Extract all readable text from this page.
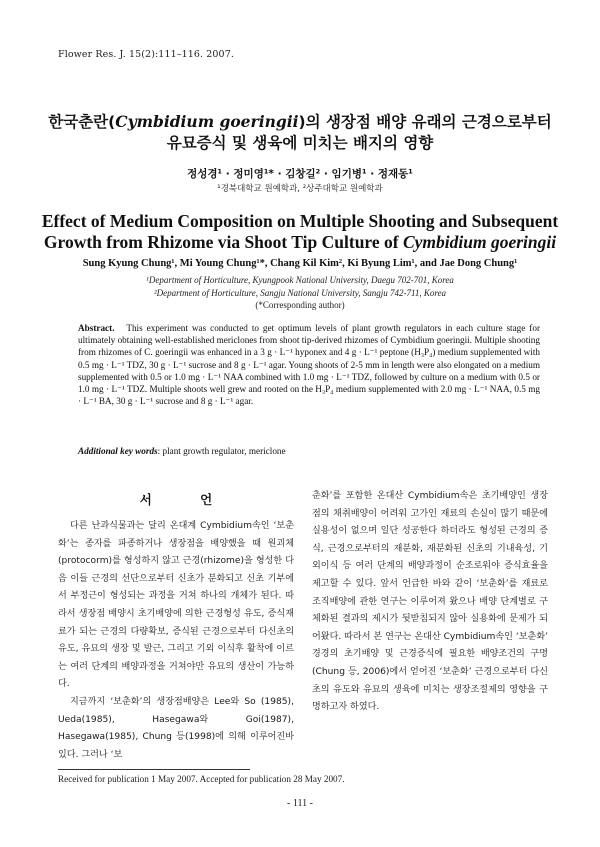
Flower Res. J. 15(2):111–116. 2007.
한국춘란(Cymbidium goeringii)의 생장점 배양 유래의 근경으로부터
유묘증식 및 생육에 미치는 배지의 영향
정성경¹ · 정미영¹* · 김창길² · 임기병¹ · 정재동¹
¹경북대학교 원예학과, ²상주대학교 원예학과
Effect of Medium Composition on Multiple Shooting and Subsequent
Growth from Rhizome via Shoot Tip Culture of Cymbidium goeringii
Sung Kyung Chung¹, Mi Young Chung¹*, Chang Kil Kim², Ki Byung Lim¹, and Jae Dong Chung¹
¹Department of Horticulture, Kyungpook National University, Daegu 702-701, Korea
²Department of Horticulture, Sangju National University, Sangju 742-711, Korea
(*Corresponding author)
Abstract. This experiment was conducted to get optimum levels of plant growth regulators in each culture stage for ultimately obtaining well-established mericlones from shoot tip-derived rhizomes of Cymbidium goeringii. Multiple shooting from rhizomes of C. goeringii was enhanced in a 3 g · L⁻¹ hyponex and 4 g · L⁻¹ peptone (H₃P₄) medium supplemented with 0.5 mg · L⁻¹ TDZ, 30 g · L⁻¹ sucrose and 8 g · L⁻¹ agar. Young shoots of 2-5 mm in length were also elongated on a medium supplemented with 0.5 or 1.0 mg · L⁻¹ NAA combined with 1.0 mg · L⁻¹ TDZ, followed by culture on a medium with 0.5 or 1.0 mg · L⁻¹ TDZ. Multiple shoots well grew and rooted on the H₃P₄ medium supplemented with 2.0 mg · L⁻¹ NAA, 0.5 mg · L⁻¹ BA, 30 g · L⁻¹ sucrose and 8 g · L⁻¹ agar.
Additional key words: plant growth regulator, mericlone
서 언

다른 난과식물과는 달리 온대계 Cymbidium속인 ‘보춘화’는 종자를 파종하거나 생장점을 배양했을 때 원괴체(protocorm)를 형성하지 않고 근경(rhizome)을 형성한 다음 이들 근경의 선단으로부터 신초가 분화되고 신초 기부에서 부정근이 형성되는 과정을 거쳐 하나의 개체가 된다. 따라서 생장점 배양시 초기배양에 의한 근경형성 유도, 증식재료가 되는 근경의 다량확보, 증식된 근경으로부터 다신초의 유도, 유묘의 생장 및 발근, 그리고 기외 이식후 활착에 이르는 여러 단계의 배양과정을 거쳐야만 유묘의 생산이 가능하다.

지금까지 ‘보춘화’의 생장점배양은 Lee와 So (1985), Ueda(1985), Hasegawa와 Goi(1987), Hasegawa(1985), Chung 등(1998)에 의해 이루어진바 있다. 그러나 ‘보

춘화’를 포함한 온대산 Cymbidium속은 초기배양인 생장점의 채취배양이 어려워 고가인 재료의 손실이 많기 때문에 실용성이 없으며 일단 성공한다 하더라도 형성된 근경의 증식, 근경으로부터의 재분화, 재분화된 신초의 기내육성, 기외이식 등 여러 단계의 배양과정이 순조로워야 증식효율을 제고할 수 있다. 앞서 언급한 바와 같이 ‘보춘화’를 재료로 조직배양에 관한 연구는 이루어져 왔으나 배양 단계별로 구체화된 결과의 제시가 뒷받침되지 않아 실용화에 문제가 되어왔다. 따라서 본 연구는 온대산 Cymbidium속인 ‘보춘화’ 경경의 초기배양 및 근경증식에 필요한 배양조건의 구명(Chung 등, 2006)에서 얻어진 ‘보춘화’ 근경으로부터 다신초의 유도와 유묘의 생육에 미치는 생장조절제의 영향을 구명하고자 하였다.

Received for publication 1 May 2007. Accepted for publication 28 May 2007.
- 111 -
